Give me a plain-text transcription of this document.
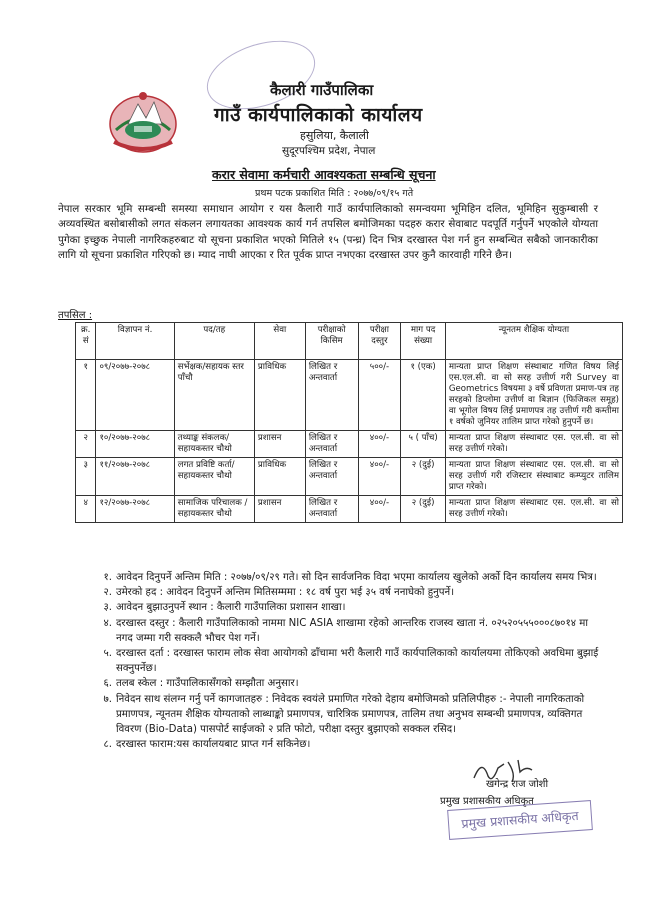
कैलारी गाउँपालिका
गाउँ कार्यपालिकाको कार्यालय
हसुलिया, कैलाली
सुदूरपश्चिम प्रदेश, नेपाल
करार सेवामा कर्मचारी आवश्यकता सम्बन्धि सूचना
प्रथम पटक प्रकाशित मिति : २०७७/०९/१५ गते
नेपाल सरकार भूमि सम्बन्धी समस्या समाधान आयोग र यस कैलारी गाउँ कार्यपालिकाको समन्वयमा भूमिहिन दलित, भूमिहिन सुकुम्बासी र अव्यवस्थित बसोबासीको लगत संकलन लगायतका आवश्यक कार्य गर्न तपसिल बमोजिमका पदहरु करार सेवाबाट पदपूर्ति गर्नुपर्ने भएकोले योग्यता पुगेका इच्छुक नेपाली नागरिकहरुबाट यो सूचना प्रकाशित भएको मितिले १५ (पन्ध्र) दिन भित्र दरखास्त पेश गर्न हुन सम्बन्धित सबैको जानकारीका लागि यो सूचना प्रकाशित गरिएको छ। म्याद नाघी आएका र रित पूर्वक प्राप्त नभएका दरखास्त उपर कुनै कारवाही गरिने छैन।
तपसिल :
क्र. सं	विज्ञापन नं.	पद/तह	सेवा	परीक्षाको किसिम	परीक्षा दस्तुर	माग पद संख्या	न्यूनतम शैक्षिक योग्यता
१	०९/२०७७-२०७८	सर्भेक्षक/सहायक स्तर पाँचौ	प्राविधिक	लिखित र अन्तवार्ता	५००/-	१ (एक)	मान्यता प्राप्त शिक्षण संस्थाबाट गणित विषय लिई एस.एल.सी. वा सो सरह उत्तीर्ण गरी Survey वा Geometrics विषयमा ३ वर्षे प्रविणता प्रमाण-पत्र तह सरहको डिप्लोमा उत्तीर्ण वा बिज्ञान (फिजिकल समूह) वा भूगोल विषय लिई प्रमाणपत्र तह उत्तीर्ण गरी कम्तीमा १ वर्षको जुनियर तालिम प्राप्त गरेको हुनुपर्ने छ।
२	१०/२०७७-२०७८	तथ्याङ्क संकलक/सहायकस्तर चौथो	प्रशासन	लिखित र अन्तवार्ता	४००/-	५ ( पाँच)	मान्यता प्राप्त शिक्षण संस्थाबाट एस. एल.सी. वा सो सरह उत्तीर्ण गरेको।
३	११/२०७७-२०७८	लगत प्रविष्टि कर्ता/सहायकस्तर चौथो	प्राविधिक	लिखित र अन्तवार्ता	४००/-	२ (दुई)	मान्यता प्राप्त शिक्षण संस्थाबाट एस. एल.सी. वा सो सरह उत्तीर्ण गरी रजिस्टार संस्थाबाट कम्प्युटर तालिम प्राप्त गरेको।
४	१२/२०७७-२०७८	सामाजिक परिचालक /सहायकस्तर चौथो	प्रशासन	लिखित र अन्तवार्ता	४००/-	२ (दुई)	मान्यता प्राप्त शिक्षण संस्थाबाट एस. एल.सी. वा सो सरह उत्तीर्ण गरेको।
१. आवेदन दिनुपर्ने अन्तिम मिति : २०७७/०९/२९ गते। सो दिन सार्वजनिक विदा भएमा कार्यालय खुलेको अर्को दिन कार्यालय समय भित्र।
२. उमेरको हद : आवेदन दिनुपर्ने अन्तिम मितिसम्ममा : १८ वर्ष पुरा भई ३५ वर्ष ननाघेको हुनुपर्ने।
३. आवेदन बुझाउनुपर्ने स्थान : कैलारी गाउँपालिका प्रशासन शाखा।
४. दरखास्त दस्तुर : कैलारी गाउँपालिकाको नाममा NIC ASIA शाखामा रहेको आन्तरिक राजस्व खाता नं. ०२५२०५५५०००८७०१४ मा नगद जम्मा गरी सक्कलै भौचर पेश गर्ने।
५. दरखास्त दर्ता : दरखास्त फाराम लोक सेवा आयोगको ढाँचामा भरी कैलारी गाउँ कार्यपालिकाको कार्यालयमा तोकिएको अवधिमा बुझाई सक्नुपर्नेछ।
६. तलब स्केल : गाउँपालिकासँगको सम्झौता अनुसार।
७. निवेदन साथ संलग्न गर्नु पर्ने कागजातहरु : निवेदक स्वयंले प्रमाणित गरेको देहाय बमोजिमको प्रतिलिपीहरु :- नेपाली नागरिकताको प्रमाणपत्र, न्यूनतम शैक्षिक योग्यताको लाब्धाङ्को प्रमाणपत्र, चारित्रिक प्रमाणपत्र, तालिम तथा अनुभव सम्बन्धी प्रमाणपत्र, व्यक्तिगत विवरण (Bio-Data) पासपोर्ट साईजको २ प्रति फोटो, परीक्षा दस्तुर बुझाएको सक्कल रसिद।
८. दरखास्त फाराम:यस कार्यालयबाट प्राप्त गर्न सकिनेछ।
खगेन्द्र राज जोशी
प्रमुख प्रशासकीय अधिकृत
प्रमुख प्रशासकीय अधिकृत
